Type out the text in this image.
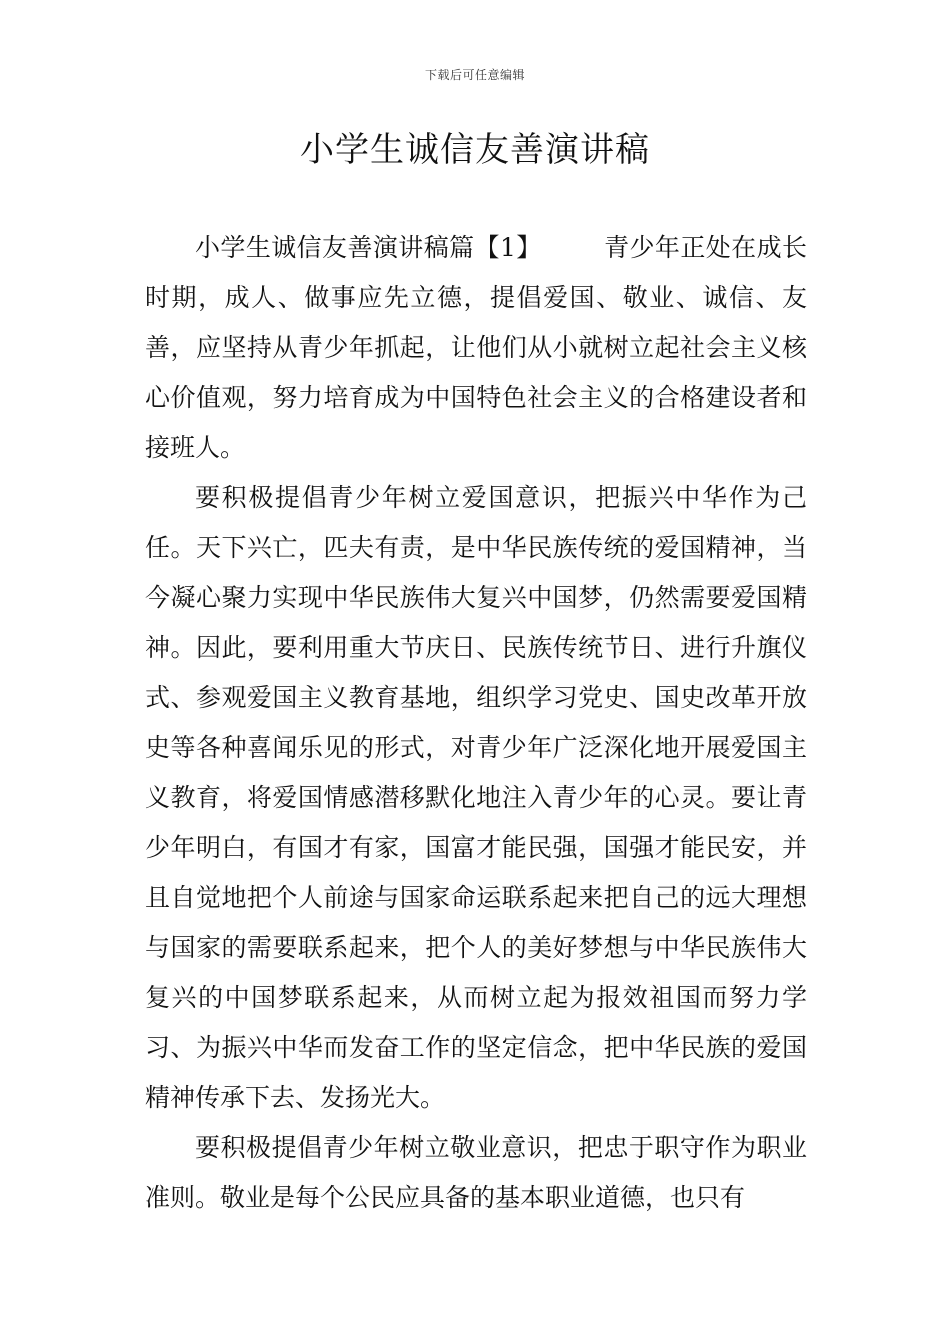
下载后可任意编辑
小学生诚信友善演讲稿

小学生诚信友善演讲稿篇【1】 青少年正处在成长时期，成人、做事应先立德，提倡爱国、敬业、诚信、友善，应坚持从青少年抓起，让他们从小就树立起社会主义核心价值观，努力培育成为中国特色社会主义的合格建设者和接班人。

要积极提倡青少年树立爱国意识，把振兴中华作为己任。天下兴亡，匹夫有责，是中华民族传统的爱国精神，当今凝心聚力实现中华民族伟大复兴中国梦，仍然需要爱国精神。因此，要利用重大节庆日、民族传统节日、进行升旗仪式、参观爱国主义教育基地，组织学习党史、国史改革开放史等各种喜闻乐见的形式，对青少年广泛深化地开展爱国主义教育，将爱国情感潜移默化地注入青少年的心灵。要让青少年明白，有国才有家，国富才能民强，国强才能民安，并且自觉地把个人前途与国家命运联系起来把自己的远大理想与国家的需要联系起来，把个人的美好梦想与中华民族伟大复兴的中国梦联系起来，从而树立起为报效祖国而努力学习、为振兴中华而发奋工作的坚定信念，把中华民族的爱国精神传承下去、发扬光大。

要积极提倡青少年树立敬业意识，把忠于职守作为职业准则。敬业是每个公民应具备的基本职业道德，也只有
